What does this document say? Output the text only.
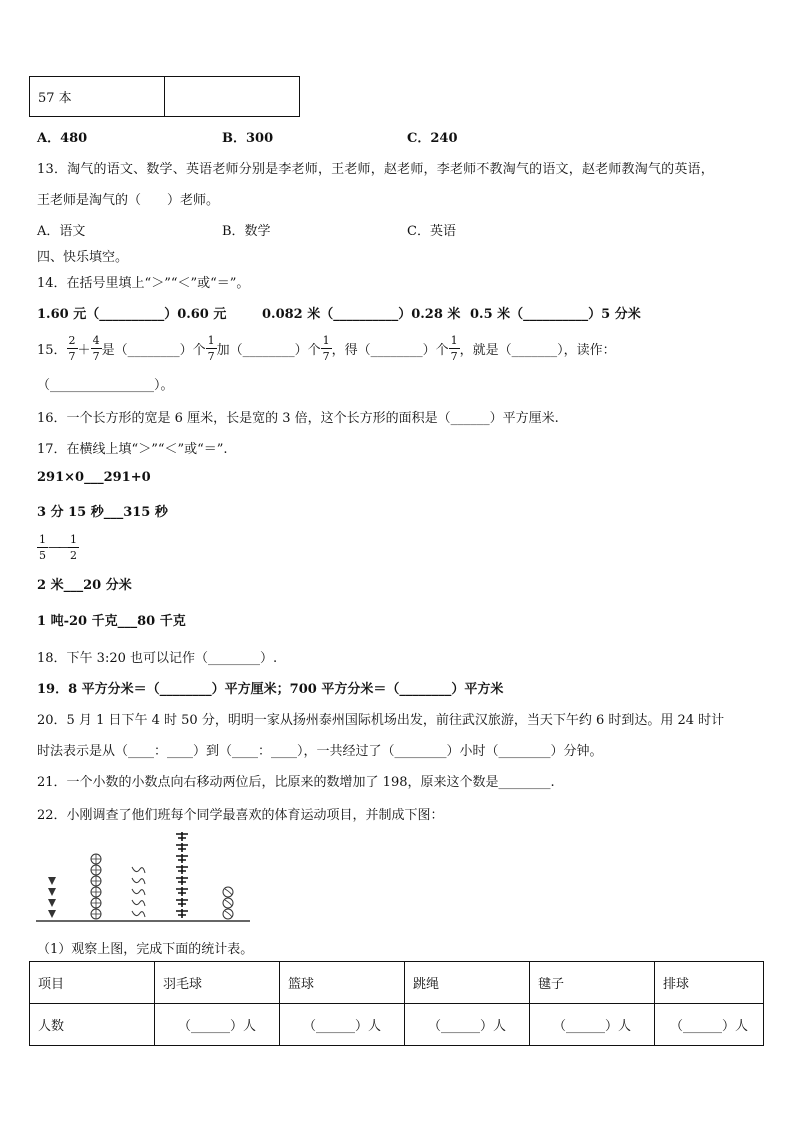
57 本	
A．480	B．300	C．240
13．淘气的语文、数学、英语老师分别是李老师，王老师，赵老师，李老师不教淘气的语文，赵老师教淘气的英语，
王老师是淘气的（　　）老师。
A．语文	B．数学	C．英语
四、快乐填空。
14．在括号里填上“＞”“＜”或“＝”。
1.60 元（__________）0.60 元	0.082 米（__________）0.28 米 0.5 米（__________）5 分米
15． $\frac{2}{7} + \frac{4}{7}$ 是（________）个 $\frac{1}{7}$ 加（________）个 $\frac{1}{7}$ ，得（________）个 $\frac{1}{7}$ ，就是（_______），读作：
（________________）。
16．一个长方形的宽是 6 厘米，长是宽的 3 倍，这个长方形的面积是（______）平方厘米.
17．在横线上填“＞”“＜”或“＝”.
291×0___291+0
3 分 15 秒___315 秒
$\frac{1}{5}$ —— $\frac{1}{2}$
2 米___20 分米
1 吨-20 千克___80 千克
18．下午 3:20 也可以记作（________）.
19．8 平方分米＝（________）平方厘米；700 平方分米＝（________）平方米
20．5 月 1 日下午 4 时 50 分，明明一家从扬州泰州国际机场出发，前往武汉旅游，当天下午约 6 时到达。用 24 时计
时法表示是从（____：____）到（____：____），一共经过了（________）小时（________）分钟。
21．一个小数的小数点向右移动两位后，比原来的数增加了 198，原来这个数是________.
22．小刚调查了他们班每个同学最喜欢的体育运动项目，并制成下图：
（1）观察上图，完成下面的统计表。
项目	羽毛球	篮球	跳绳	毽子	排球
人数	（______）人	（______）人	（______）人	（______）人	（______）人
